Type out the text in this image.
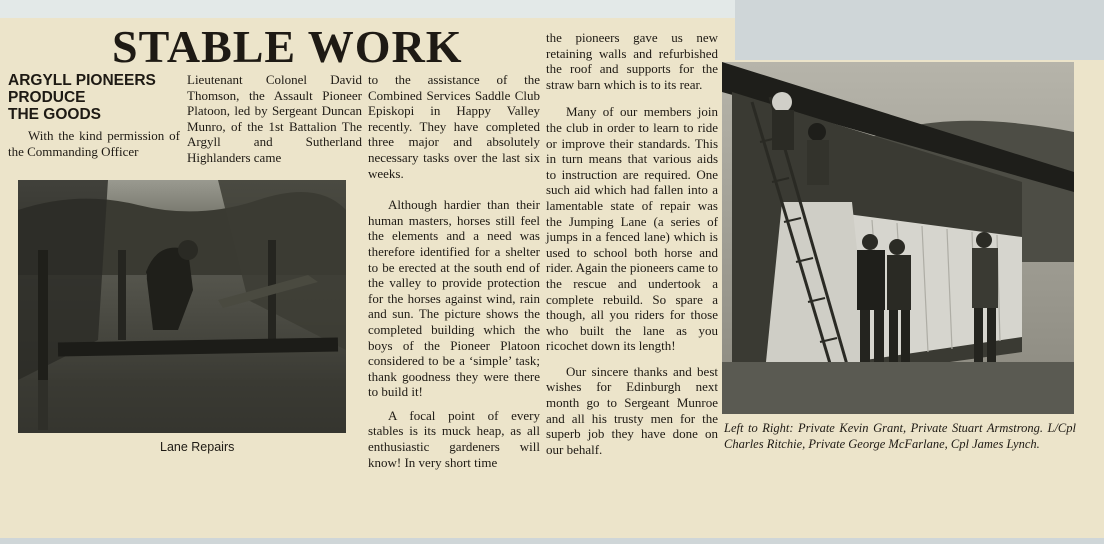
STABLE WORK
ARGYLL PIONEERS
PRODUCE
THE GOODS

With the kind permission of the Commanding Officer

Lieutenant Colonel David Thomson, the Assault Pioneer Platoon, led by Sergeant Duncan Munro, of the 1st Battalion The Argyll and Sutherland Highlanders came

to the assistance of the Combined Services Saddle Club Episkopi in Happy Valley recently. They have completed three major and absolutely necessary tasks over the last six weeks.

Although hardier than their human masters, horses still feel the elements and a need was therefore identified for a shelter to be erected at the south end of the valley to provide protection for the horses against wind, rain and sun. The picture shows the completed building which the boys of the Pioneer Platoon considered to be a ‘simple’ task; thank goodness they were there to build it!

A focal point of every stables is its muck heap, as all enthusiastic gardeners will know! In very short time

the pioneers gave us new retaining walls and refurbished the roof and supports for the straw barn which is to its rear.

Many of our members join the club in order to learn to ride or improve their standards. This in turn means that various aids to instruction are required. One such aid which had fallen into a lamentable state of repair was the Jumping Lane (a series of jumps in a fenced lane) which is used to school both horse and rider. Again the pioneers came to the rescue and undertook a complete rebuild. So spare a though, all you riders for those who built the lane as you ricochet down its length!

Our sincere thanks and best wishes for Edinburgh next month go to Sergeant Munroe and all his trusty men for the superb job they have done on our behalf.

Lane Repairs
Left to Right: Private Kevin Grant, Private Stuart Armstrong. L/Cpl Charles Ritchie, Private George McFarlane, Cpl James Lynch.
